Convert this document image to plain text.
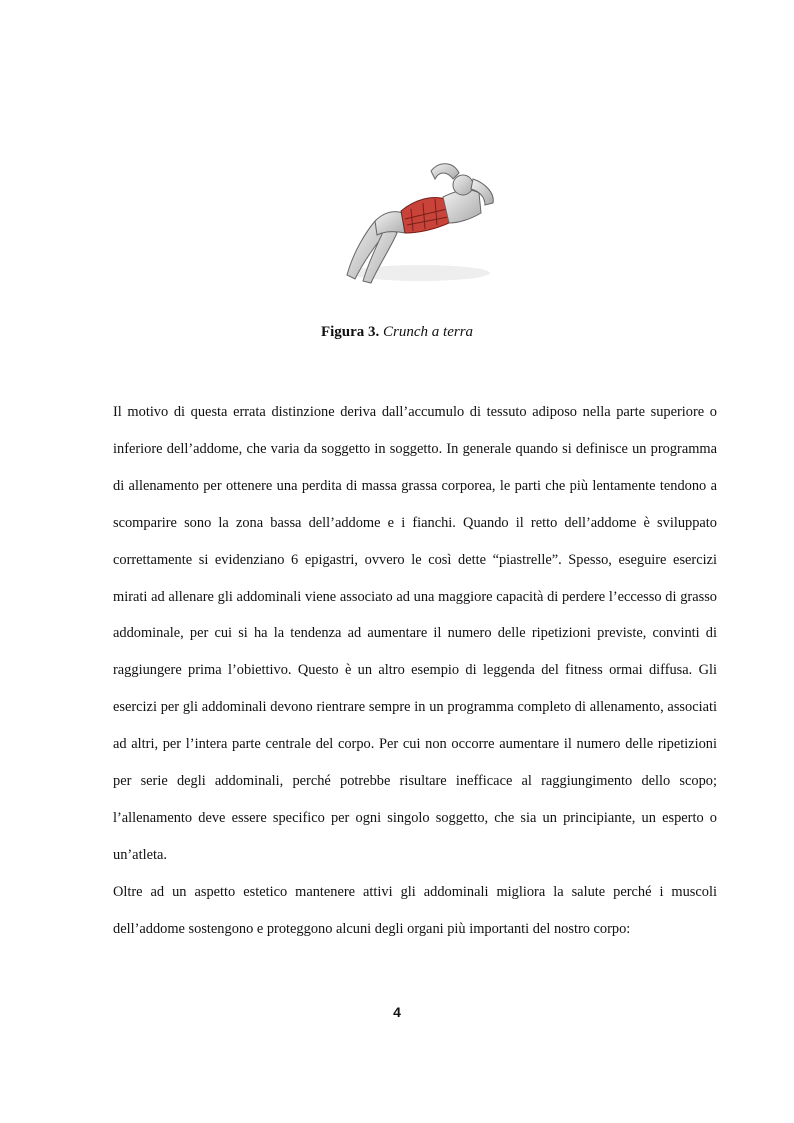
Figura 3. Crunch a terra

Il motivo di questa errata distinzione deriva dall’accumulo di tessuto adiposo nella parte superiore o inferiore dell’addome, che varia da soggetto in soggetto. In generale quando si definisce un programma di allenamento per ottenere una perdita di massa grassa corporea, le parti che più lentamente tendono a scomparire sono la zona bassa dell’addome e i fianchi. Quando il retto dell’addome è sviluppato correttamente si evidenziano 6 epigastri, ovvero le così dette “piastrelle”. Spesso, eseguire esercizi mirati ad allenare gli addominali viene associato ad una maggiore capacità di perdere l’eccesso di grasso addominale, per cui si ha la tendenza ad aumentare il numero delle ripetizioni previste, convinti di raggiungere prima l’obiettivo. Questo è un altro esempio di leggenda del fitness ormai diffusa. Gli esercizi per gli addominali devono rientrare sempre in un programma completo di allenamento, associati ad altri, per l’intera parte centrale del corpo. Per cui non occorre aumentare il numero delle ripetizioni per serie degli addominali, perché potrebbe risultare inefficace al raggiungimento dello scopo; l’allenamento deve essere specifico per ogni singolo soggetto, che sia un principiante, un esperto o un’atleta.

Oltre ad un aspetto estetico mantenere attivi gli addominali migliora la salute perché i muscoli dell’addome sostengono e proteggono alcuni degli organi più importanti del nostro corpo:

4
